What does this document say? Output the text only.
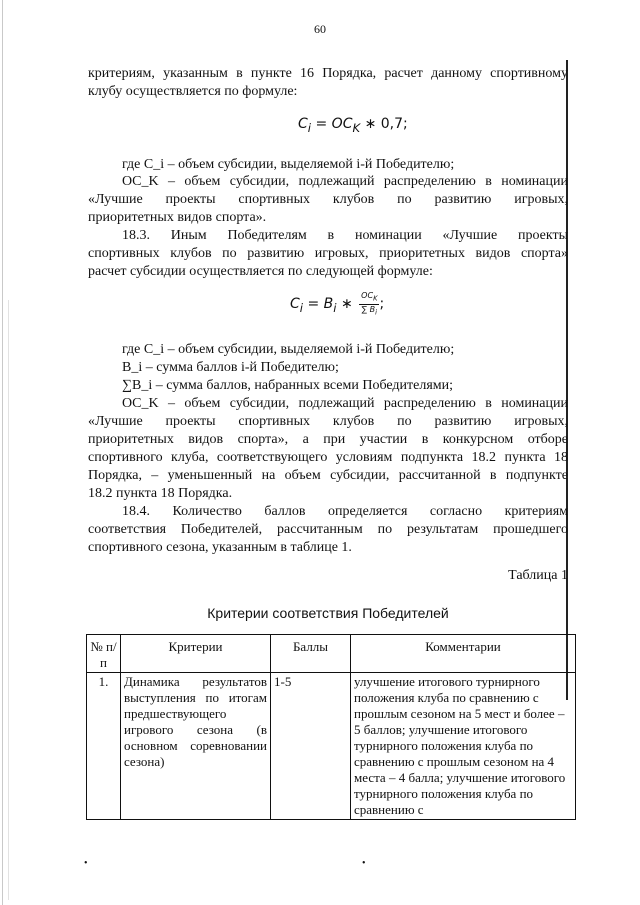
60
критериям, указанным в пункте 16 Порядка, расчет данному спортивному
клубу осуществляется по формуле:
$C_i = OC_K$ ∗ 0,7;
где C_i – объем субсидии, выделяемой i-й Победителю;
OC_K – объем субсидии, подлежащий распределению в номинации
«Лучшие проекты спортивных клубов по развитию игровых,
приоритетных видов спорта».
18.3. Иным Победителям в номинации «Лучшие проекты
спортивных клубов по развитию игровых, приоритетных видов спорта»
расчет субсидии осуществляется по следующей формуле:
$C_i = B_i$ ∗ $\frac{OC_K}{\sum B_i}$ ;
где C_i – объем субсидии, выделяемой i-й Победителю;
B_i – сумма баллов i-й Победителю;
∑B_i – сумма баллов, набранных всеми Победителями;
OC_K – объем субсидии, подлежащий распределению в номинации
«Лучшие проекты спортивных клубов по развитию игровых,
приоритетных видов спорта», а при участии в конкурсном отборе
спортивного клуба, соответствующего условиям подпункта 18.2 пункта 18
Порядка, – уменьшенный на объем субсидии, рассчитанной в подпункте
18.2 пункта 18 Порядка.
18.4. Количество баллов определяется согласно критериям
соответствия Победителей, рассчитанным по результатам прошедшего
спортивного сезона, указанным в таблице 1.
Таблица 1
Критерии соответствия Победителей
№ п/п	Критерии	Баллы	Комментарии
1.	Динамика результатов выступления по итогам предшествующего игрового сезона (в основном соревновании сезона)	1-5	улучшение итогового турнирного положения клуба по сравнению с прошлым сезоном на 5 мест и более – 5 баллов; улучшение итогового турнирного положения клуба по сравнению с прошлым сезоном на 4 места – 4 балла; улучшение итогового турнирного положения клуба по сравнению с
•	•
